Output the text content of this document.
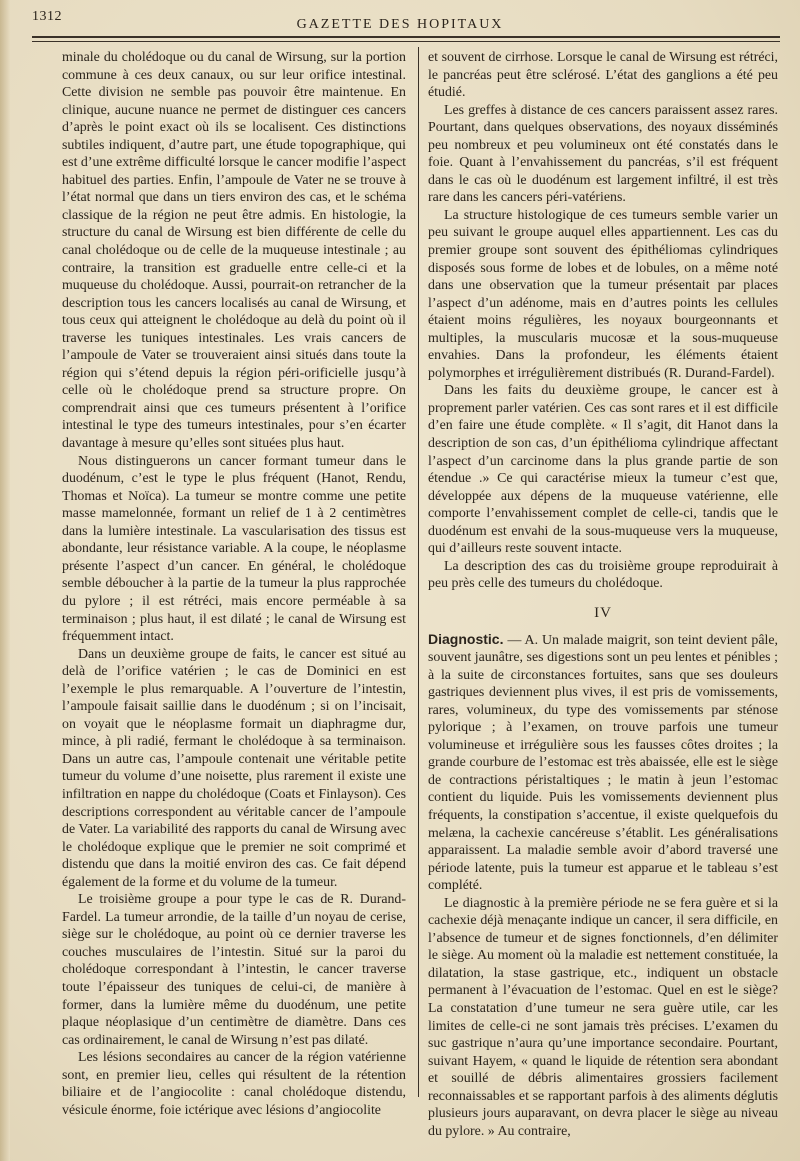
1312
GAZETTE DES HOPITAUX

minale du cholédoque ou du canal de Wirsung, sur la portion commune à ces deux canaux, ou sur leur orifice intestinal. Cette division ne semble pas pouvoir être maintenue. En clinique, aucune nuance ne permet de distinguer ces cancers d’après le point exact où ils se localisent. Ces distinctions subtiles indiquent, d’autre part, une étude topographique, qui est d’une extrême difficulté lorsque le cancer modifie l’aspect habituel des parties. Enfin, l’ampoule de Vater ne se trouve à l’état normal que dans un tiers environ des cas, et le schéma classique de la région ne peut être admis. En histologie, la structure du canal de Wirsung est bien différente de celle du canal cholédoque ou de celle de la muqueuse intestinale ; au contraire, la transition est graduelle entre celle-ci et la muqueuse du cholédoque. Aussi, pourrait-on retrancher de la description tous les cancers localisés au canal de Wirsung, et tous ceux qui atteignent le cholédoque au delà du point où il traverse les tuniques intestinales. Les vrais cancers de l’ampoule de Vater se trouveraient ainsi situés dans toute la région qui s’étend depuis la région péri-orificielle jusqu’à celle où le cholédoque prend sa structure propre. On comprendrait ainsi que ces tumeurs présentent à l’orifice intestinal le type des tumeurs intestinales, pour s’en écarter davantage à mesure qu’elles sont situées plus haut.

Nous distinguerons un cancer formant tumeur dans le duodénum, c’est le type le plus fréquent (Hanot, Rendu, Thomas et Noïca). La tumeur se montre comme une petite masse mamelonnée, formant un relief de 1 à 2 centimètres dans la lumière intestinale. La vascularisation des tissus est abondante, leur résistance variable. A la coupe, le néoplasme présente l’aspect d’un cancer. En général, le cholédoque semble déboucher à la partie de la tumeur la plus rapprochée du pylore ; il est rétréci, mais encore perméable à sa terminaison ; plus haut, il est dilaté ; le canal de Wirsung est fréquemment intact.

Dans un deuxième groupe de faits, le cancer est situé au delà de l’orifice vatérien ; le cas de Dominici en est l’exemple le plus remarquable. A l’ouverture de l’intestin, l’ampoule faisait saillie dans le duodénum ; si on l’incisait, on voyait que le néoplasme formait un diaphragme dur, mince, à pli radié, fermant le cholédoque à sa terminaison. Dans un autre cas, l’ampoule contenait une véritable petite tumeur du volume d’une noisette, plus rarement il existe une infiltration en nappe du cholédoque (Coats et Finlayson). Ces descriptions correspondent au véritable cancer de l’ampoule de Vater. La variabilité des rapports du canal de Wirsung avec le cholédoque explique que le premier ne soit comprimé et distendu que dans la moitié environ des cas. Ce fait dépend également de la forme et du volume de la tumeur.

Le troisième groupe a pour type le cas de R. Durand-Fardel. La tumeur arrondie, de la taille d’un noyau de cerise, siège sur le cholédoque, au point où ce dernier traverse les couches musculaires de l’intestin. Situé sur la paroi du cholédoque correspondant à l’intestin, le cancer traverse toute l’épaisseur des tuniques de celui-ci, de manière à former, dans la lumière même du duodénum, une petite plaque néoplasique d’un centimètre de diamètre. Dans ces cas ordinairement, le canal de Wirsung n’est pas dilaté.

Les lésions secondaires au cancer de la région vatérienne sont, en premier lieu, celles qui résultent de la rétention biliaire et de l’angiocolite : canal cholédoque distendu, vésicule énorme, foie ictérique avec lésions d’angiocolite

et souvent de cirrhose. Lorsque le canal de Wirsung est rétréci, le pancréas peut être sclérosé. L’état des ganglions a été peu étudié.

Les greffes à distance de ces cancers paraissent assez rares. Pourtant, dans quelques observations, des noyaux disséminés peu nombreux et peu volumineux ont été constatés dans le foie. Quant à l’envahissement du pancréas, s’il est fréquent dans le cas où le duodénum est largement infiltré, il est très rare dans les cancers péri-vatériens.

La structure histologique de ces tumeurs semble varier un peu suivant le groupe auquel elles appartiennent. Les cas du premier groupe sont souvent des épithéliomas cylindriques disposés sous forme de lobes et de lobules, on a même noté dans une observation que la tumeur présentait par places l’aspect d’un adénome, mais en d’autres points les cellules étaient moins régulières, les noyaux bourgeonnants et multiples, la muscularis mucosæ et la sous-muqueuse envahies. Dans la profondeur, les éléments étaient polymorphes et irrégulièrement distribués (R. Durand-Fardel).

Dans les faits du deuxième groupe, le cancer est à proprement parler vatérien. Ces cas sont rares et il est difficile d’en faire une étude complète. « Il s’agit, dit Hanot dans la description de son cas, d’un épithélioma cylindrique affectant l’aspect d’un carcinome dans la plus grande partie de son étendue .» Ce qui caractérise mieux la tumeur c’est que, développée aux dépens de la muqueuse vatérienne, elle comporte l’envahissement complet de celle-ci, tandis que le duodénum est envahi de la sous-muqueuse vers la muqueuse, qui d’ailleurs reste souvent intacte.

La description des cas du troisième groupe reproduirait à peu près celle des tumeurs du cholédoque.

IV

Diagnostic. — A. Un malade maigrit, son teint devient pâle, souvent jaunâtre, ses digestions sont un peu lentes et pénibles ; à la suite de circonstances fortuites, sans que ses douleurs gastriques deviennent plus vives, il est pris de vomissements, rares, volumineux, du type des vomissements par sténose pylorique ; à l’examen, on trouve parfois une tumeur volumineuse et irrégulière sous les fausses côtes droites ; la grande courbure de l’estomac est très abaissée, elle est le siège de contractions péristaltiques ; le matin à jeun l’estomac contient du liquide. Puis les vomissements deviennent plus fréquents, la constipation s’accentue, il existe quelquefois du melæna, la cachexie cancéreuse s’établit. Les généralisations apparaissent. La maladie semble avoir d’abord traversé une période latente, puis la tumeur est apparue et le tableau s’est complété.

Le diagnostic à la première période ne se fera guère et si la cachexie déjà menaçante indique un cancer, il sera difficile, en l’absence de tumeur et de signes fonctionnels, d’en délimiter le siège. Au moment où la maladie est nettement constituée, la dilatation, la stase gastrique, etc., indiquent un obstacle permanent à l’évacuation de l’estomac. Quel en est le siège? La constatation d’une tumeur ne sera guère utile, car les limites de celle-ci ne sont jamais très précises. L’examen du suc gastrique n’aura qu’une importance secondaire. Pourtant, suivant Hayem, « quand le liquide de rétention sera abondant et souillé de débris alimentaires grossiers facilement reconnaissables et se rapportant parfois à des aliments déglutis plusieurs jours auparavant, on devra placer le siège au niveau du pylore. » Au contraire,
